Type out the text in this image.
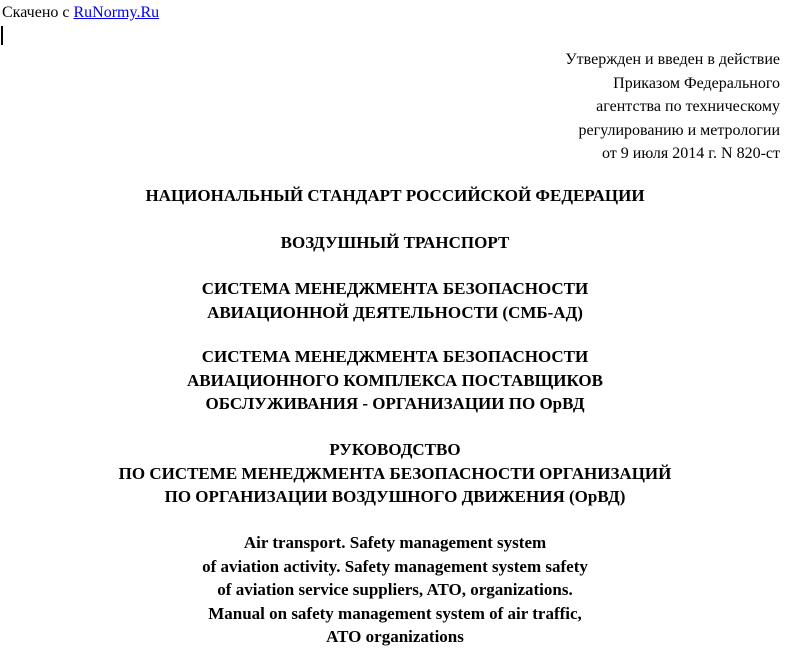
Скачено с RuNormy.Ru
Утвержден и введен в действие
Приказом Федерального
агентства по техническому
регулированию и метрологии
от 9 июля 2014 г. N 820-ст
НАЦИОНАЛЬНЫЙ СТАНДАРТ РОССИЙСКОЙ ФЕДЕРАЦИИ
ВОЗДУШНЫЙ ТРАНСПОРТ
СИСТЕМА МЕНЕДЖМЕНТА БЕЗОПАСНОСТИ
АВИАЦИОННОЙ ДЕЯТЕЛЬНОСТИ (СМБ-АД)
СИСТЕМА МЕНЕДЖМЕНТА БЕЗОПАСНОСТИ
АВИАЦИОННОГО КОМПЛЕКСА ПОСТАВЩИКОВ
ОБСЛУЖИВАНИЯ - ОРГАНИЗАЦИИ ПО ОрВД
РУКОВОДСТВО
ПО СИСТЕМЕ МЕНЕДЖМЕНТА БЕЗОПАСНОСТИ ОРГАНИЗАЦИЙ
ПО ОРГАНИЗАЦИИ ВОЗДУШНОГО ДВИЖЕНИЯ (ОрВД)
Air transport. Safety management system
of aviation activity. Safety management system safety
of aviation service suppliers, ATO, organizations.
Manual on safety management system of air traffic,
ATO organizations
